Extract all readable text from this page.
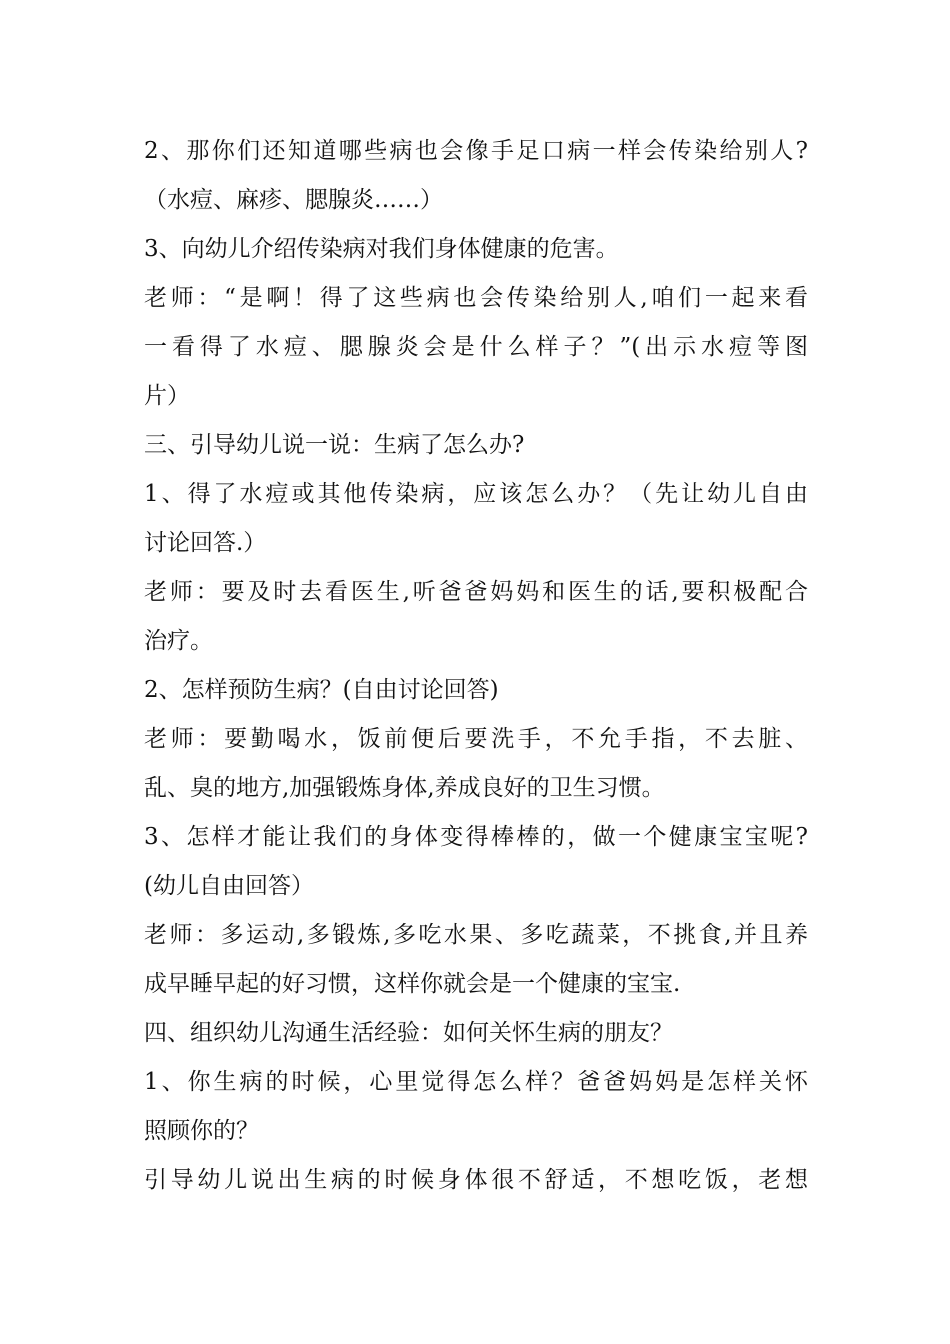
2、那你们还知道哪些病也会像手足口病一样会传染给别人?
（水痘、麻疹、腮腺炎……）
3、向幼儿介绍传染病对我们身体健康的危害。
老师：“是啊！得了这些病也会传染给别人,咱们一起来看
一看得了水痘、腮腺炎会是什么样子？”(出示水痘等图
片）
三、引导幼儿说一说：生病了怎么办?
1、得了水痘或其他传染病，应该怎么办？（先让幼儿自由
讨论回答.）
老师：要及时去看医生,听爸爸妈妈和医生的话,要积极配合
治疗。
2、怎样预防生病？(自由讨论回答)
老师：要勤喝水，饭前便后要洗手，不允手指，不去脏、
乱、臭的地方,加强锻炼身体,养成良好的卫生习惯。
3、怎样才能让我们的身体变得棒棒的，做一个健康宝宝呢?
(幼儿自由回答）
老师：多运动,多锻炼,多吃水果、多吃蔬菜，不挑食,并且养
成早睡早起的好习惯，这样你就会是一个健康的宝宝.
四、组织幼儿沟通生活经验：如何关怀生病的朋友？
1、你生病的时候，心里觉得怎么样？爸爸妈妈是怎样关怀
照顾你的？
引导幼儿说出生病的时候身体很不舒适，不想吃饭，老想
